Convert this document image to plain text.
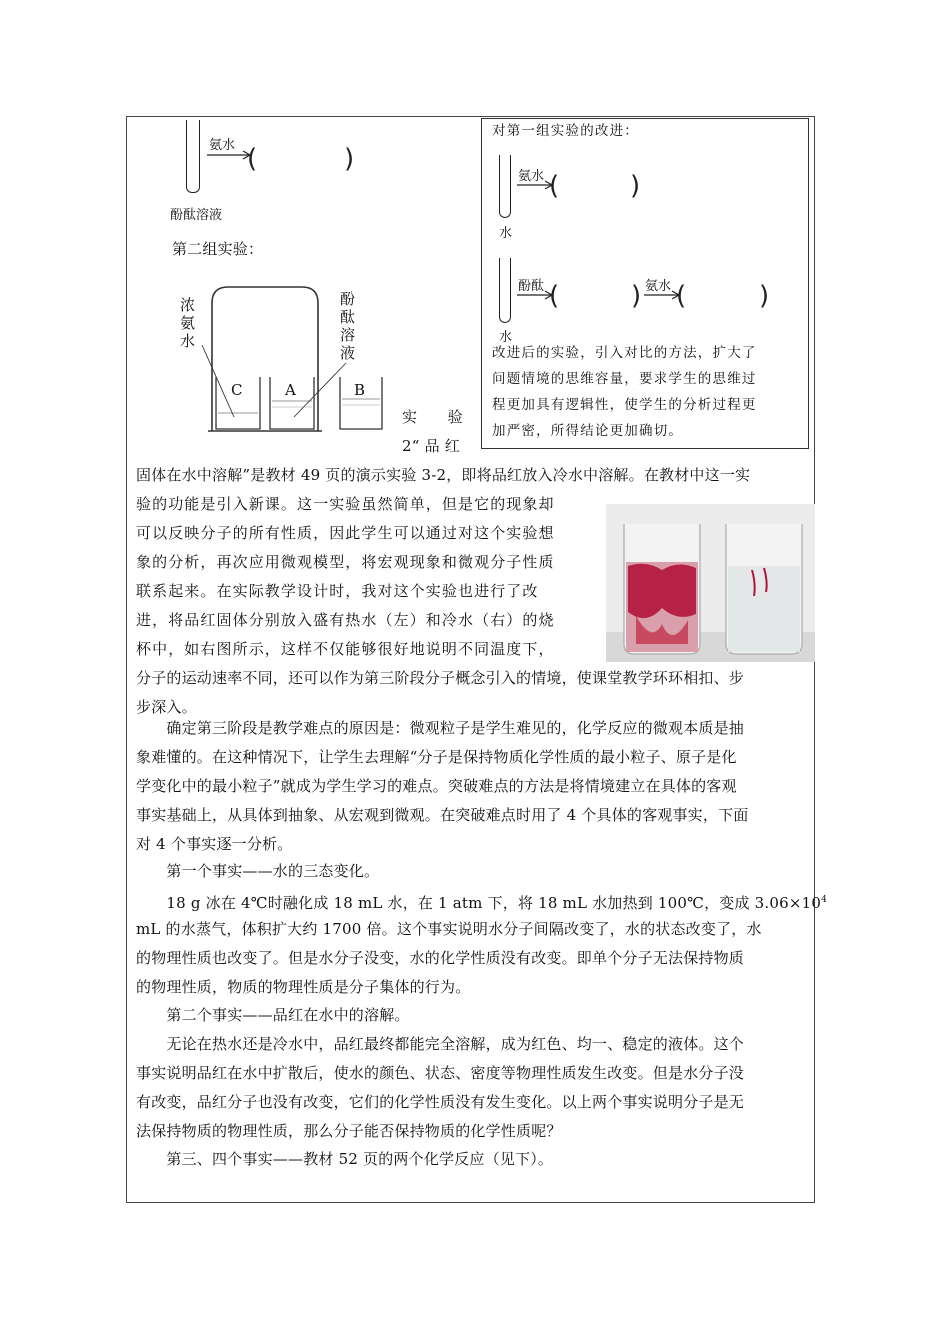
氨水 (	)
酚酞溶液
第二组实验：
浓氨水
酚酞溶液
C	A	B
实　　验
2“ 品 红
对第一组实验的改进：
水
氨水 (	)
水
酚酞 (	) 氨水 (	)
改进后的实验，引入对比的方法，扩大了
问题情境的思维容量，要求学生的思维过
程更加具有逻辑性，使学生的分析过程更
加严密，所得结论更加确切。
固体在水中溶解”是教材 49 页的演示实验 3-2，即将品红放入冷水中溶解。在教材中这一实
验的功能是引入新课。这一实验虽然简单，但是它的现象却
可以反映分子的所有性质，因此学生可以通过对这个实验想
象的分析，再次应用微观模型，将宏观现象和微观分子性质
联系起来。在实际教学设计时，我对这个实验也进行了改
进，将品红固体分别放入盛有热水（左）和冷水（右）的烧
杯中，如右图所示，这样不仅能够很好地说明不同温度下，
分子的运动速率不同，还可以作为第三阶段分子概念引入的情境，使课堂教学环环相扣、步
步深入。
　　确定第三阶段是教学难点的原因是：微观粒子是学生难见的，化学反应的微观本质是抽
象难懂的。在这种情况下，让学生去理解“分子是保持物质化学性质的最小粒子、原子是化
学变化中的最小粒子”就成为学生学习的难点。突破难点的方法是将情境建立在具体的客观
事实基础上，从具体到抽象、从宏观到微观。在突破难点时用了 4 个具体的客观事实，下面
对 4 个事实逐一分析。
　　第一个事实——水的三态变化。
　　18 g 冰在 4℃时融化成 18 mL 水，在 1 atm 下，将 18 mL 水加热到 100℃，变成 $3.06\times 10^4$
mL 的水蒸气，体积扩大约 1700 倍。这个事实说明水分子间隔改变了，水的状态改变了，水
的物理性质也改变了。但是水分子没变，水的化学性质没有改变。即单个分子无法保持物质
的物理性质，物质的物理性质是分子集体的行为。
　　第二个事实——品红在水中的溶解。
　　无论在热水还是冷水中，品红最终都能完全溶解，成为红色、均一、稳定的液体。这个
事实说明品红在水中扩散后，使水的颜色、状态、密度等物理性质发生改变。但是水分子没
有改变，品红分子也没有改变，它们的化学性质没有发生变化。以上两个事实说明分子是无
法保持物质的物理性质，那么分子能否保持物质的化学性质呢？
　　第三、四个事实——教材 52 页的两个化学反应（见下）。
